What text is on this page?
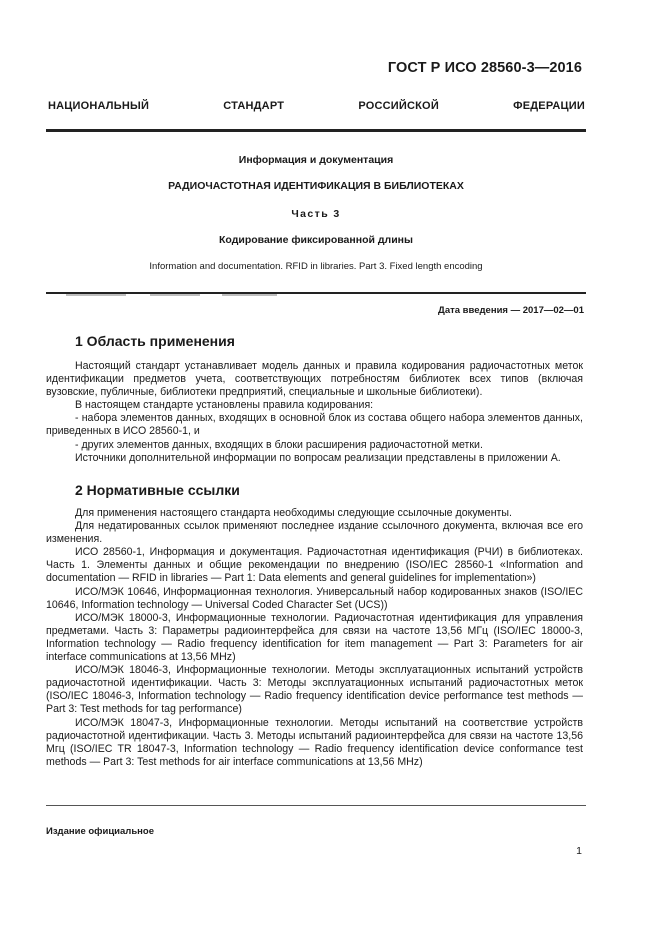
ГОСТ Р ИСО 28560-3—2016
НАЦИОНАЛЬНЫЙ СТАНДАРТ РОССИЙСКОЙ ФЕДЕРАЦИИ
Информация и документация
РАДИОЧАСТОТНАЯ ИДЕНТИФИКАЦИЯ В БИБЛИОТЕКАХ
Часть 3
Кодирование фиксированной длины
Information and documentation. RFID in libraries. Part 3. Fixed length encoding
Дата введения — 2017—02—01
1 Область применения

Настоящий стандарт устанавливает модель данных и правила кодирования радиочастотных меток идентификации предметов учета, соответствующих потребностям библиотек всех типов (включая вузовские, публичные, библиотеки предприятий, специальные и школьные библиотеки).

В настоящем стандарте установлены правила кодирования:

- набора элементов данных, входящих в основной блок из состава общего набора элементов данных, приведенных в ИСО 28560-1, и

- других элементов данных, входящих в блоки расширения радиочастотной метки.

Источники дополнительной информации по вопросам реализации представлены в приложении А.

2 Нормативные ссылки

Для применения настоящего стандарта необходимы следующие ссылочные документы.

Для недатированных ссылок применяют последнее издание ссылочного документа, включая все его изменения.

ИСО 28560-1, Информация и документация. Радиочастотная идентификация (РЧИ) в библиотеках. Часть 1. Элементы данных и общие рекомендации по внедрению (ISO/IEC 28560-1 «Information and documentation — RFID in libraries — Part 1: Data elements and general guidelines for implementation»)

ИСО/МЭК 10646, Информационная технология. Универсальный набор кодированных знаков (ISO/IEC 10646, Information technology — Universal Coded Character Set (UCS))

ИСО/МЭК 18000-3, Информационные технологии. Радиочастотная идентификация для управления предметами. Часть 3: Параметры радиоинтерфейса для связи на частоте 13,56 МГц (ISO/IEC 18000-3, Information technology — Radio frequency identification for item management — Part 3: Parameters for air interface communications at 13,56 MHz)

ИСО/МЭК 18046-3, Информационные технологии. Методы эксплуатационных испытаний устройств радиочастотной идентификации. Часть 3: Методы эксплуатационных испытаний радиочастотных меток (ISO/IEC 18046-3, Information technology — Radio frequency identification device performance test methods — Part 3: Test methods for tag performance)

ИСО/МЭК 18047-3, Информационные технологии. Методы испытаний на соответствие устройств радиочастотной идентификации. Часть 3. Методы испытаний радиоинтерфейса для связи на частоте 13,56 Мгц (ISO/IEC TR 18047-3, Information technology — Radio frequency identification device conformance test methods — Part 3: Test methods for air interface communications at 13,56 MHz)

Издание официальное
1
